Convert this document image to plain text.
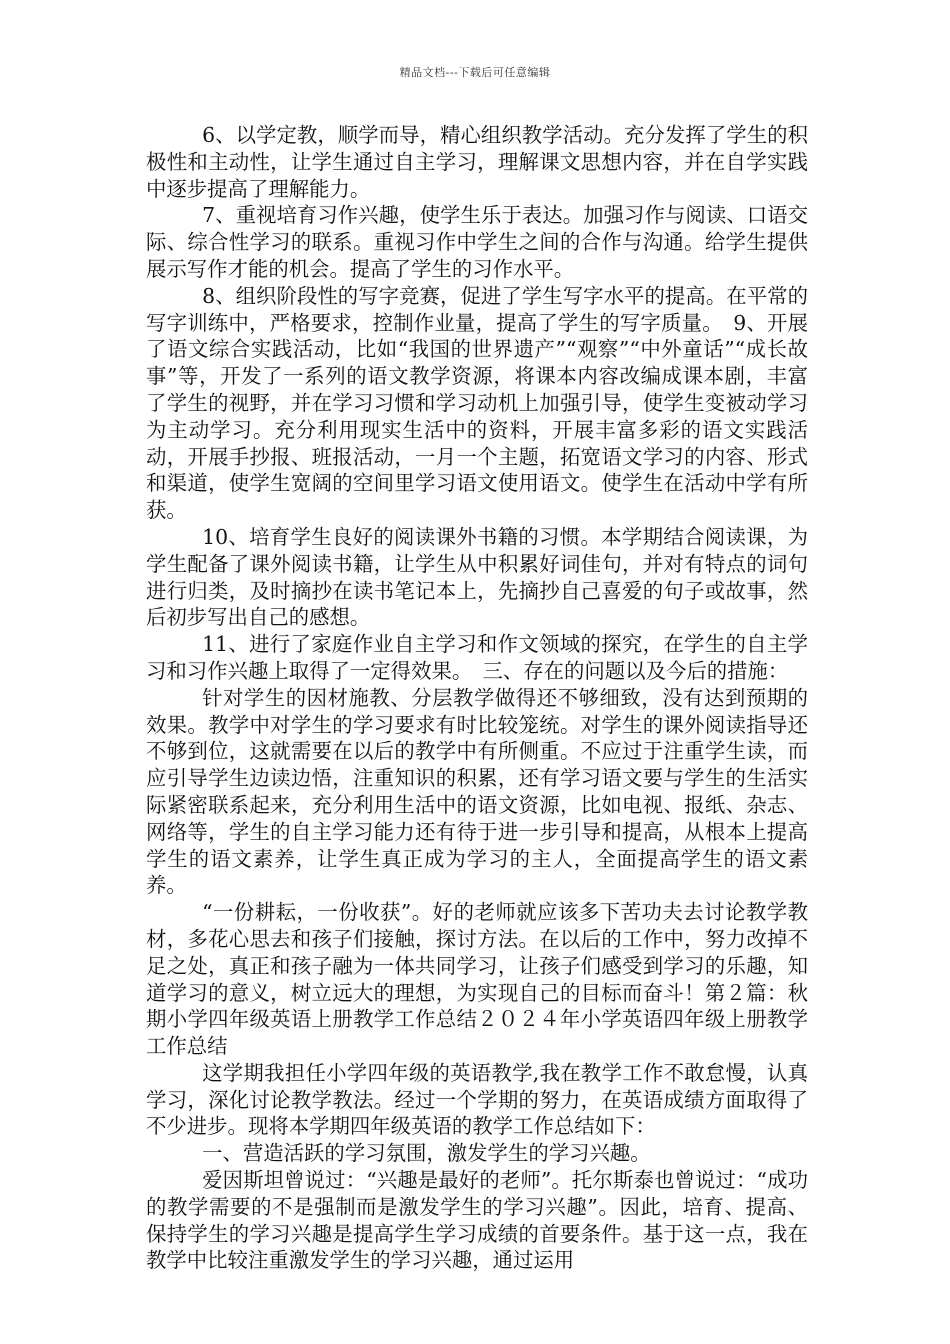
精品文档---下载后可任意编辑

6、以学定教，顺学而导，精心组织教学活动。充分发挥了学生的积极性和主动性，让学生通过自主学习，理解课文思想内容，并在自学实践中逐步提高了理解能力。

7、重视培育习作兴趣，使学生乐于表达。加强习作与阅读、口语交际、综合性学习的联系。重视习作中学生之间的合作与沟通。给学生提供展示写作才能的机会。提高了学生的习作水平。

8、组织阶段性的写字竞赛，促进了学生写字水平的提高。在平常的写字训练中，严格要求，控制作业量，提高了学生的写字质量。　9、开展了语文综合实践活动，比如“我国的世界遗产”“观察”“中外童话”“成长故事”等，开发了一系列的语文教学资源，将课本内容改编成课本剧，丰富了学生的视野，并在学习习惯和学习动机上加强引导，使学生变被动学习为主动学习。充分利用现实生活中的资料，开展丰富多彩的语文实践活动，开展手抄报、班报活动，一月一个主题，拓宽语文学习的内容、形式和渠道，使学生宽阔的空间里学习语文使用语文。使学生在活动中学有所获。

10、培育学生良好的阅读课外书籍的习惯。本学期结合阅读课，为学生配备了课外阅读书籍，让学生从中积累好词佳句，并对有特点的词句进行归类，及时摘抄在读书笔记本上，先摘抄自己喜爱的句子或故事，然后初步写出自己的感想。

11、进行了家庭作业自主学习和作文领域的探究，在学生的自主学习和习作兴趣上取得了一定得效果。　三、存在的问题以及今后的措施：

针对学生的因材施教、分层教学做得还不够细致，没有达到预期的效果。教学中对学生的学习要求有时比较笼统。对学生的课外阅读指导还不够到位，这就需要在以后的教学中有所侧重。不应过于注重学生读，而应引导学生边读边悟，注重知识的积累，还有学习语文要与学生的生活实际紧密联系起来，充分利用生活中的语文资源，比如电视、报纸、杂志、网络等，学生的自主学习能力还有待于进一步引导和提高，从根本上提高学生的语文素养，让学生真正成为学习的主人，全面提高学生的语文素养。

“一份耕耘，一份收获”。好的老师就应该多下苦功夫去讨论教学教材，多花心思去和孩子们接触，探讨方法。在以后的工作中，努力改掉不足之处，真正和孩子融为一体共同学习，让孩子们感受到学习的乐趣，知道学习的意义，树立远大的理想，为实现自己的目标而奋斗！第２篇：秋期小学四年级英语上册教学工作总结２０２４年小学英语四年级上册教学工作总结

这学期我担任小学四年级的英语教学,我在教学工作不敢怠慢，认真学习，深化讨论教学教法。经过一个学期的努力，在英语成绩方面取得了不少进步。现将本学期四年级英语的教学工作总结如下：

一、营造活跃的学习氛围，激发学生的学习兴趣。

爱因斯坦曾说过：“兴趣是最好的老师”。托尔斯泰也曾说过：“成功的教学需要的不是强制而是激发学生的学习兴趣”。因此，培育、提高、保持学生的学习兴趣是提高学生学习成绩的首要条件。基于这一点，我在教学中比较注重激发学生的学习兴趣，通过运用
